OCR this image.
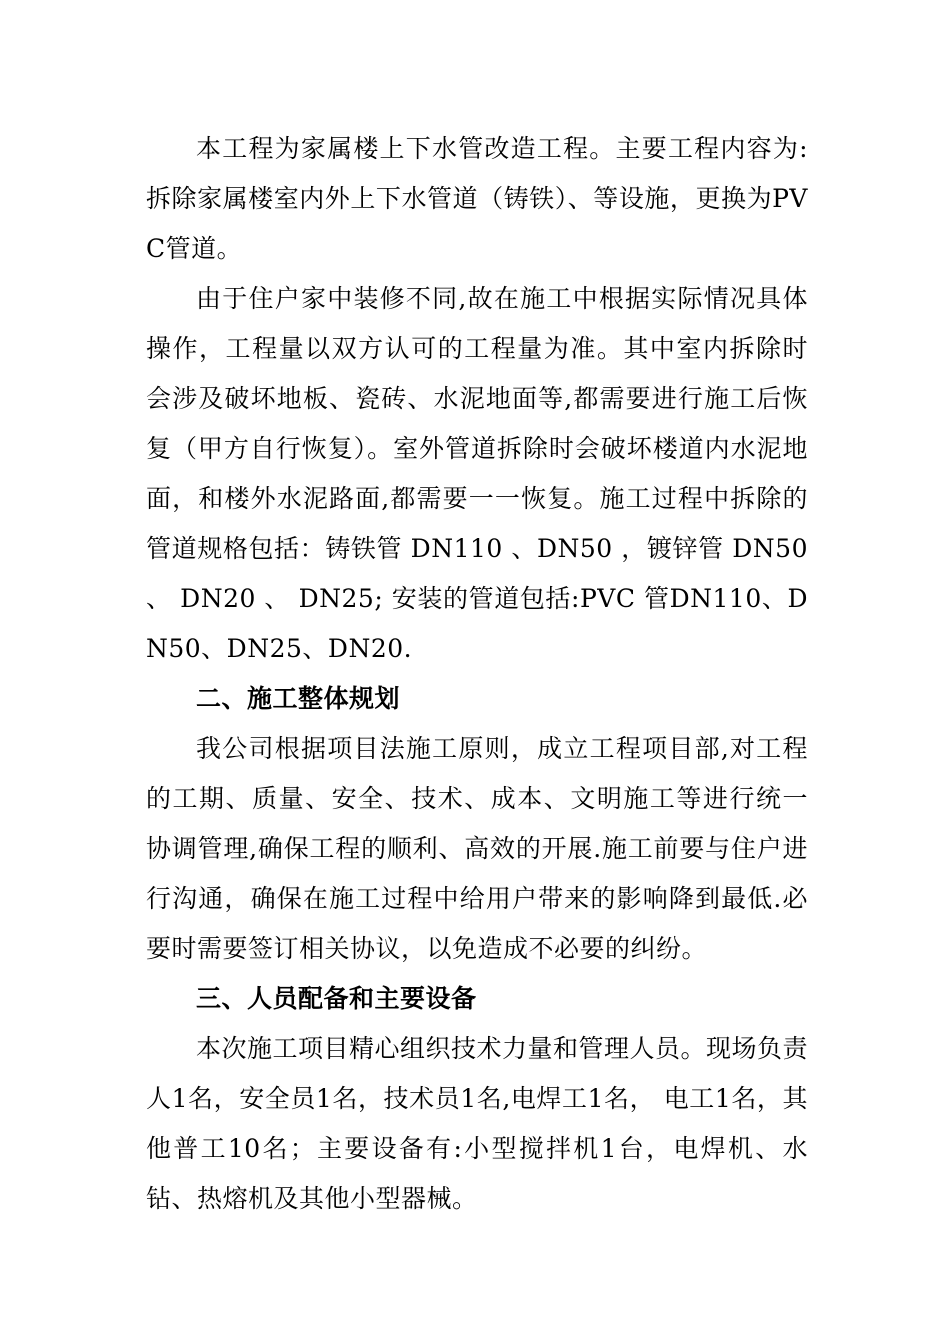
本工程为家属楼上下水管改造工程。主要工程内容为:拆除家属楼室内外上下水管道（铸铁）、等设施，更换为PVC管道。

由于住户家中装修不同,故在施工中根据实际情况具体操作，工程量以双方认可的工程量为准。其中室内拆除时会涉及破坏地板、瓷砖、水泥地面等,都需要进行施工后恢复（甲方自行恢复）。室外管道拆除时会破坏楼道内水泥地面，和楼外水泥路面,都需要一一恢复。施工过程中拆除的管道规格包括：铸铁管 DN110 、DN50 ，镀锌管 DN50 、 DN20 、 DN25; 安装的管道包括:PVC 管DN110、DN50、DN25、DN20.

二、施工整体规划

我公司根据项目法施工原则，成立工程项目部,对工程的工期、质量、安全、技术、成本、文明施工等进行统一协调管理,确保工程的顺利、高效的开展.施工前要与住户进行沟通，确保在施工过程中给用户带来的影响降到最低.必要时需要签订相关协议，以免造成不必要的纠纷。

三、人员配备和主要设备

本次施工项目精心组织技术力量和管理人员。现场负责人1名，安全员1名，技术员1名,电焊工1名， 电工1名，其他普工10名；主要设备有:小型搅拌机1台，电焊机、水钻、热熔机及其他小型器械。
